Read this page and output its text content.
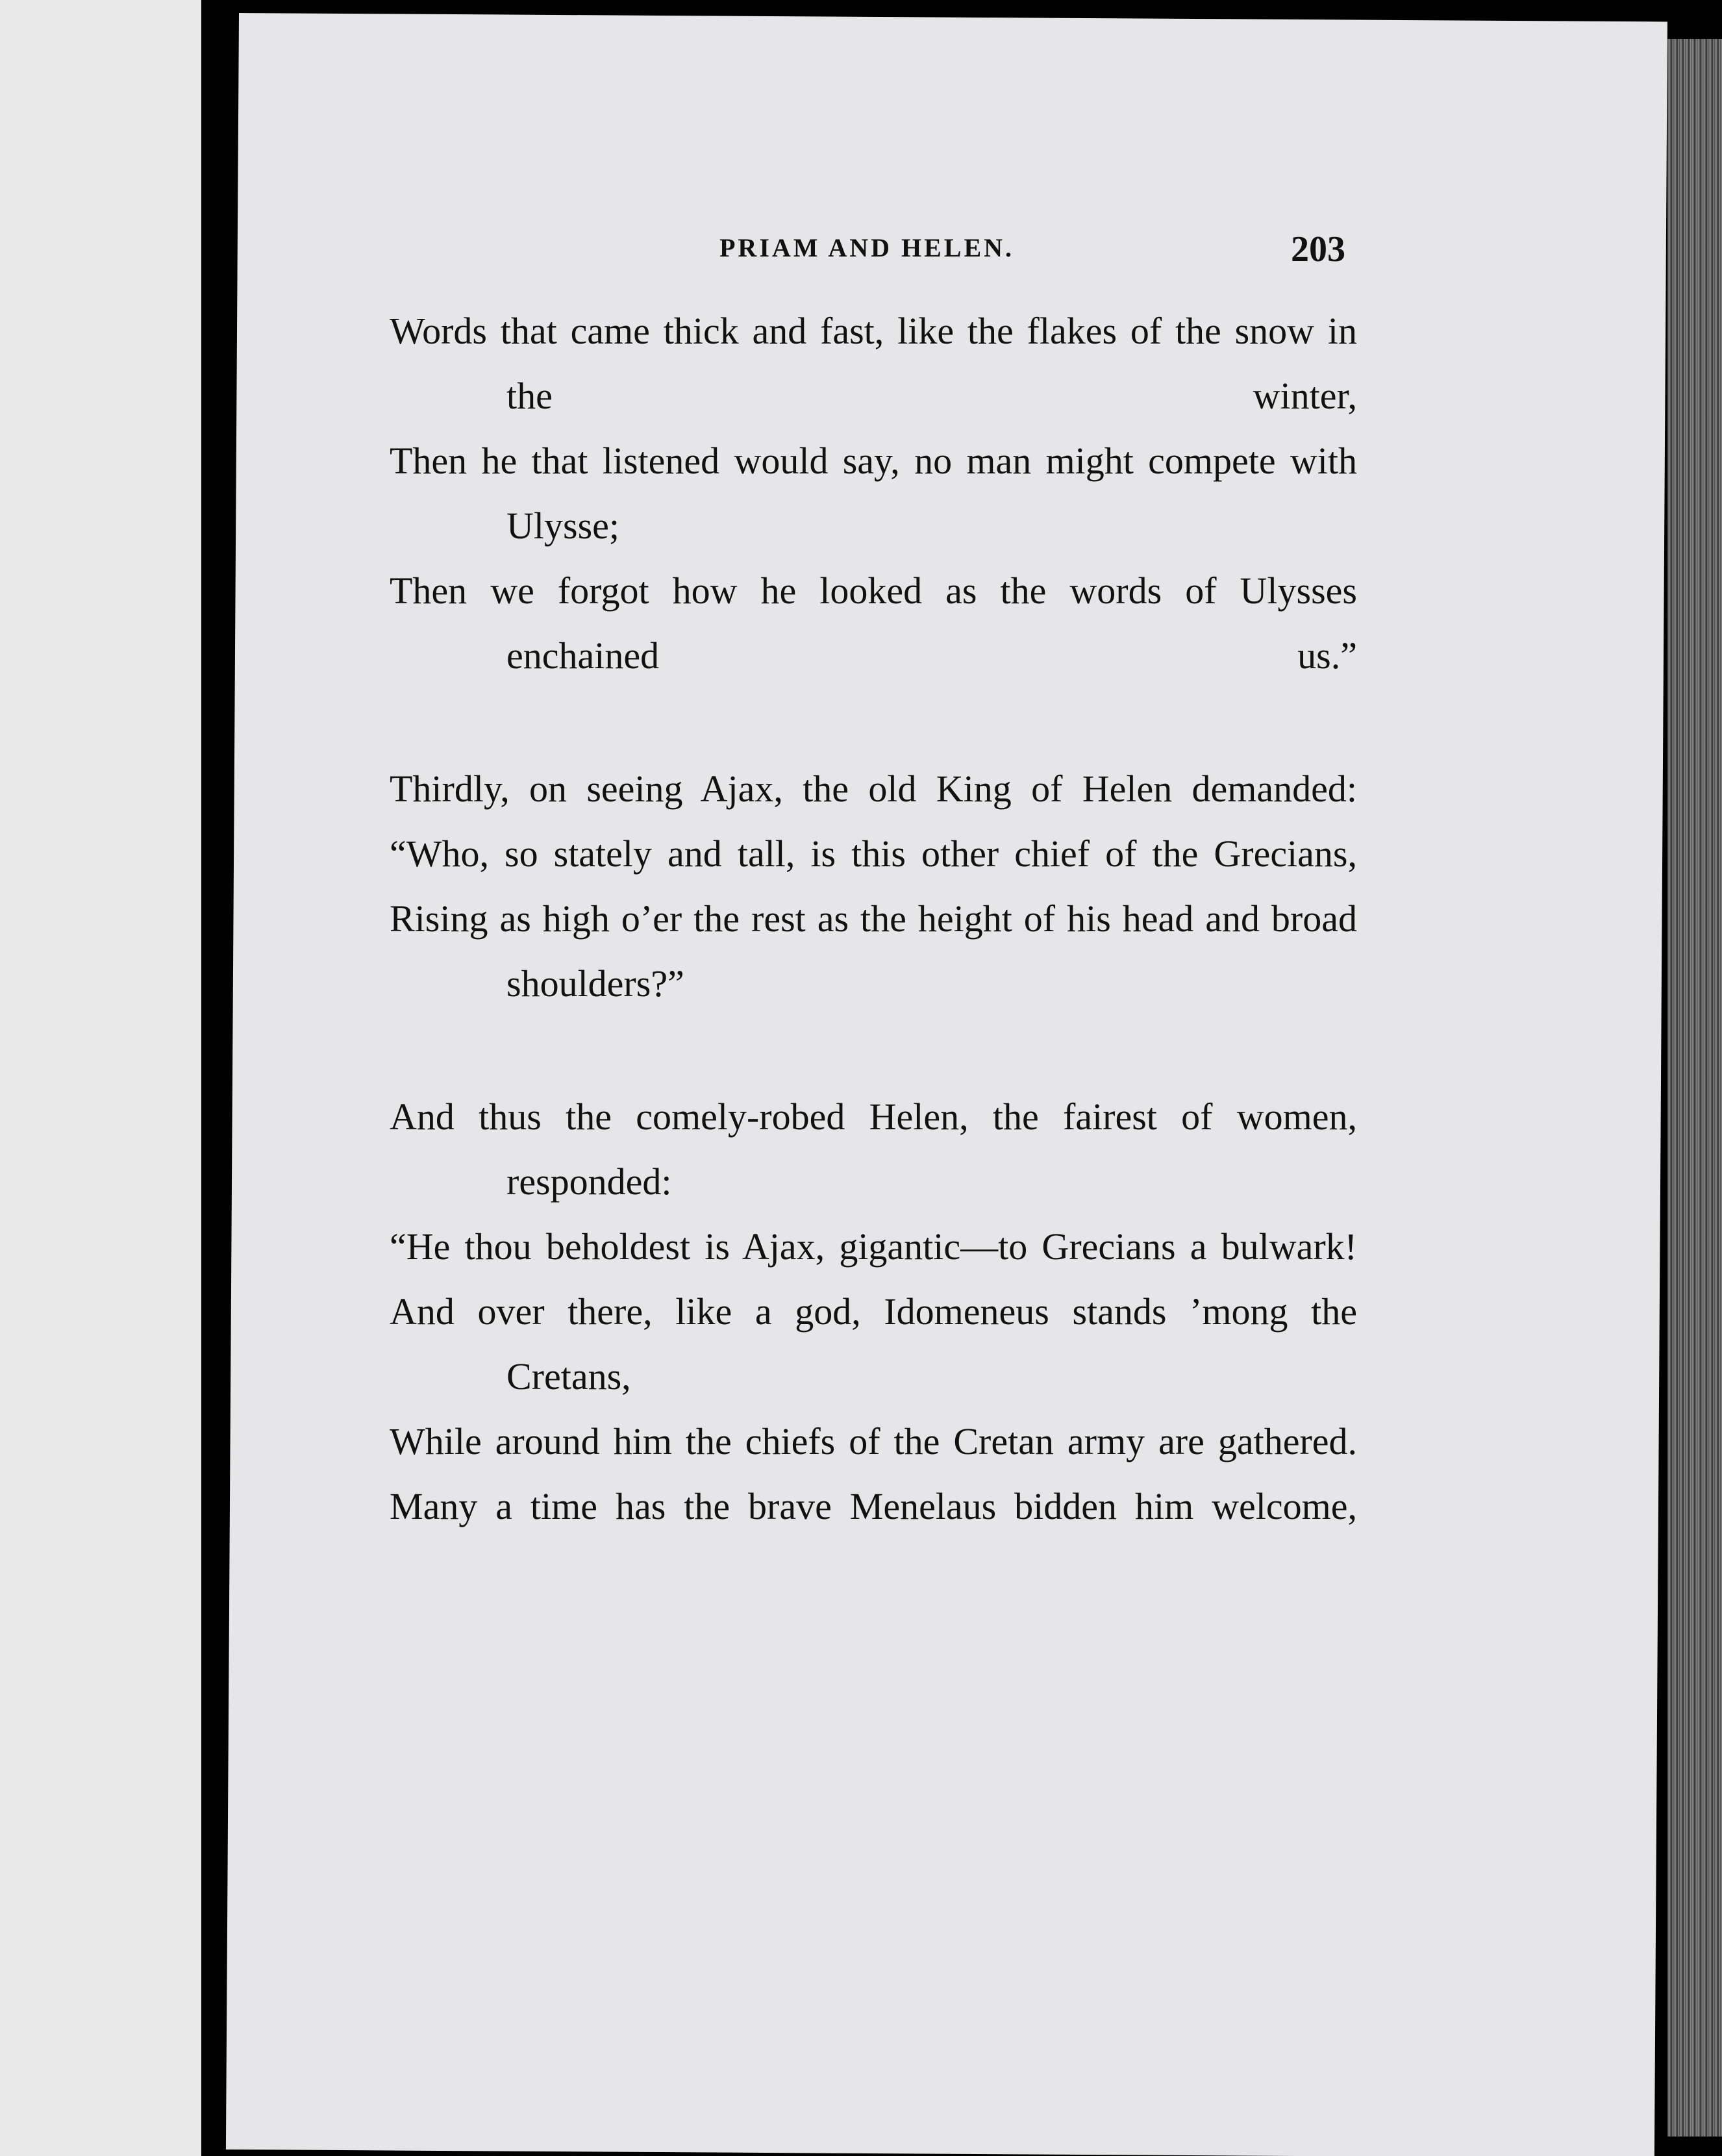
PRIAM AND HELEN.	203

Words that came thick and fast, like the flakes of the snow in the winter,

Then he that listened would say, no man might compete with Ulysse;

Then we forgot how he looked as the words of Ulysses enchained us.”

Thirdly, on seeing Ajax, the old King of Helen demanded:

“Who, so stately and tall, is this other chief of the Grecians,

Rising as high o’er the rest as the height of his head and broad shoulders?”

And thus the comely-robed Helen, the fairest of women, responded:

“He thou beholdest is Ajax, gigantic—to Grecians a bulwark!

And over there, like a god, Idomeneus stands ’mong the Cretans,

While around him the chiefs of the Cretan army are gathered.

Many a time has the brave Menelaus bidden him welcome,
